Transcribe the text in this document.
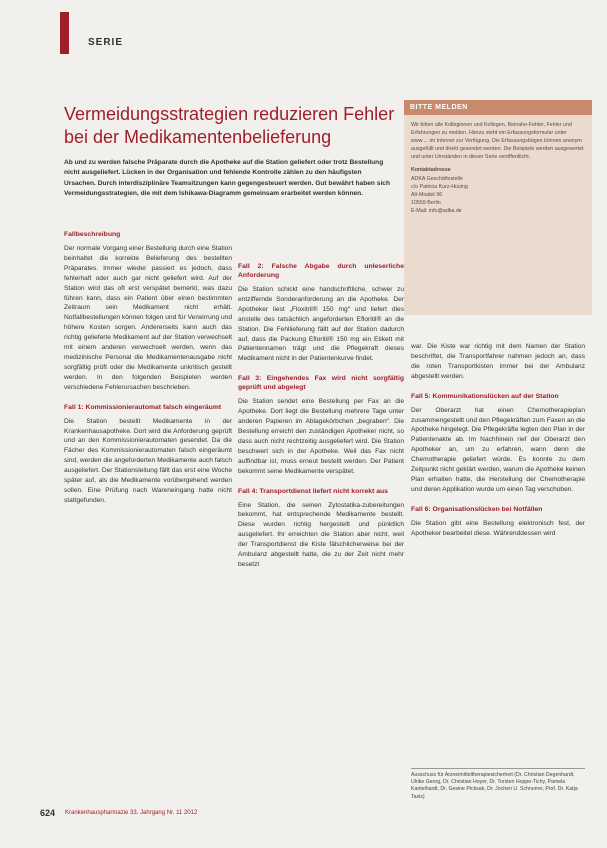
SERIE
Vermeidungsstrategien reduzieren Fehler bei der Medikamentenbelieferung

Ab und zu werden falsche Präparate durch die Apotheke auf die Station geliefert oder trotz Bestellung nicht ausgeliefert. Lücken in der Organisation und fehlende Kontrolle zählen zu den häufigsten Ursachen. Durch interdisziplinäre Teamsitzungen kann gegengesteuert werden. Gut bewährt haben sich Vermeidungsstrategien, die mit dem Ishikawa-Diagramm gemeinsam erarbeitet werden können.

BITTE MELDEN

Wir bitten alle Kolleginnen und Kollegen, Beinahe-Fehler, Fehler und Erfahrungen zu melden. Hierzu steht ein Erfassungsformular unter www.... im Internet zur Verfügung. Die Erfassungsbögen können anonym ausgefüllt und direkt gesendet werden. Die Beispiele werden ausgewertet und unter Umständen in dieser Serie veröffentlicht.

Kontaktadresse

ADKA Geschäftsstelle

c/o Patricia Kurz-Hüsing

Alt-Moabit 96

10559 Berlin

E-Mail: info@adka.de

Fallbeschreibung

Der normale Vorgang einer Bestellung durch eine Station beinhaltet die korrekte Belieferung des bestellten Präparates. Immer wieder passiert es jedoch, dass fehlerhaft oder auch gar nicht geliefert wird. Auf der Station wird das oft erst verspätet bemerkt, was dazu führen kann, dass ein Patient über einen bestimmten Zeitraum sein Medikament nicht erhält. Notfallbestellungen können folgen und für Verwirrung und höhere Kosten sorgen. Andererseits kann auch das richtig gelieferte Medikament auf der Station verwechselt mit einem anderen verwechselt werden, wenn das medizinische Personal die Medikamentenausgabe nicht sorgfältig prüft oder die Medikamente unkritisch gestellt werden. In den folgenden Beispielen werden verschiedene Fehlerursachen beschrieben.

Fall 1: Kommissionierautomat falsch eingeräumt

Die Station bestellt Medikamente in der Krankenhausapotheke. Dort wird die Anforderung geprüft und an den Kommissionierautomaten gesendet. Da die Fächer des Kommissionierautomaten falsch eingeräumt sind, werden die angeforderten Medikamente auch falsch ausgeliefert. Der Stationsleitung fällt das erst eine Woche später auf, als die Medikamente vorübergehend werden sollen. Eine Prüfung nach Wareneingang hatte nicht stattgefunden.

Fall 2: Falsche Abgabe durch unleserliche Anforderung

Die Station schickt eine handschriftliche, schwer zu entziffernde Sonderanforderung an die Apotheke. Der Apotheker liest „Floxitril® 150 mg“ und liefert dies anstelle des tatsächlich angeforderten Efloritil® an die Station. Die Fehllieferung fällt auf der Station dadurch auf, dass die Packung Efloritil® 150 mg ein Etikett mit Patientennamen trägt und die Pflegekraft dieses Medikament nicht in der Patientenkurve findet.

Fall 3: Eingehendes Fax wird nicht sorgfältig geprüft und abgelegt

Die Station sendet eine Bestellung per Fax an die Apotheke. Dort liegt die Bestellung mehrere Tage unter anderen Papieren im Ablagekörbchen „begraben“. Die Bestellung erreicht den zuständigen Apotheker nicht, so dass auch nicht rechtzeitig ausgeliefert wird. Die Station beschwert sich in der Apotheke. Weil das Fax nicht auffindbar ist, muss erneut bestellt werden. Der Patient bekommt seine Medikamente verspätet.

Fall 4: Transportdienst liefert nicht korrekt aus

Eine Station, die seinen Zytostatika-zubereitungen bekommt, hat entsprechende Medikamente bestellt. Diese wurden richtig hergestellt und pünktlich ausgeliefert. Ihr erreichten die Station aber nicht, weil der Transportdienst die Kiste fälschlicherweise bei der Ambulanz abgestellt hatte, die zu der Zeit nicht mehr besetzt

war. Die Kiste war richtig mit dem Namen der Station beschriftet, die Transportfahrer nahmen jedoch an, dass die roten Transportkisten immer bei der Ambulanz abgestellt werden.

Fall 5: Kommunikationslücken auf der Station

Der Oberarzt hat einen Chemotherapieplan zusammengestellt und den Pflegekräften zum Faxen an die Apotheke hingelegt. Die Pflegekräfte legten den Plan in der Patientenakte ab. Im Nachhinein rief der Oberarzt den Apotheker an, um zu erfahren, wann denn die Chemotherapie geliefert würde. Es konnte zu dem Zeitpunkt nicht geklärt werden, warum die Apotheke keinen Plan erhalten hatte, die Herstellung der Chemotherapie und deren Applikation wurde um einen Tag verschoben.

Fall 6: Organisationslücken bei Notfällen

Die Station gibt eine Bestellung elektronisch fest, der Apotheker bearbeitet diese. Währenddessen wird

Ausschuss für Arzneimitteltherapiesicherheit (Dr. Christian Degenhardt, Ulrike Georg, Dr. Christian Hoyer, Dr. Torsten Hoppe-Tichy, Pamela Kantelhardt, Dr. Gesine Picksak, Dr. Jochen U. Schnurrer, Prof. Dr. Katja Taxis)
624 Krankenhauspharmazie 33. Jahrgang Nr. 11 2012
